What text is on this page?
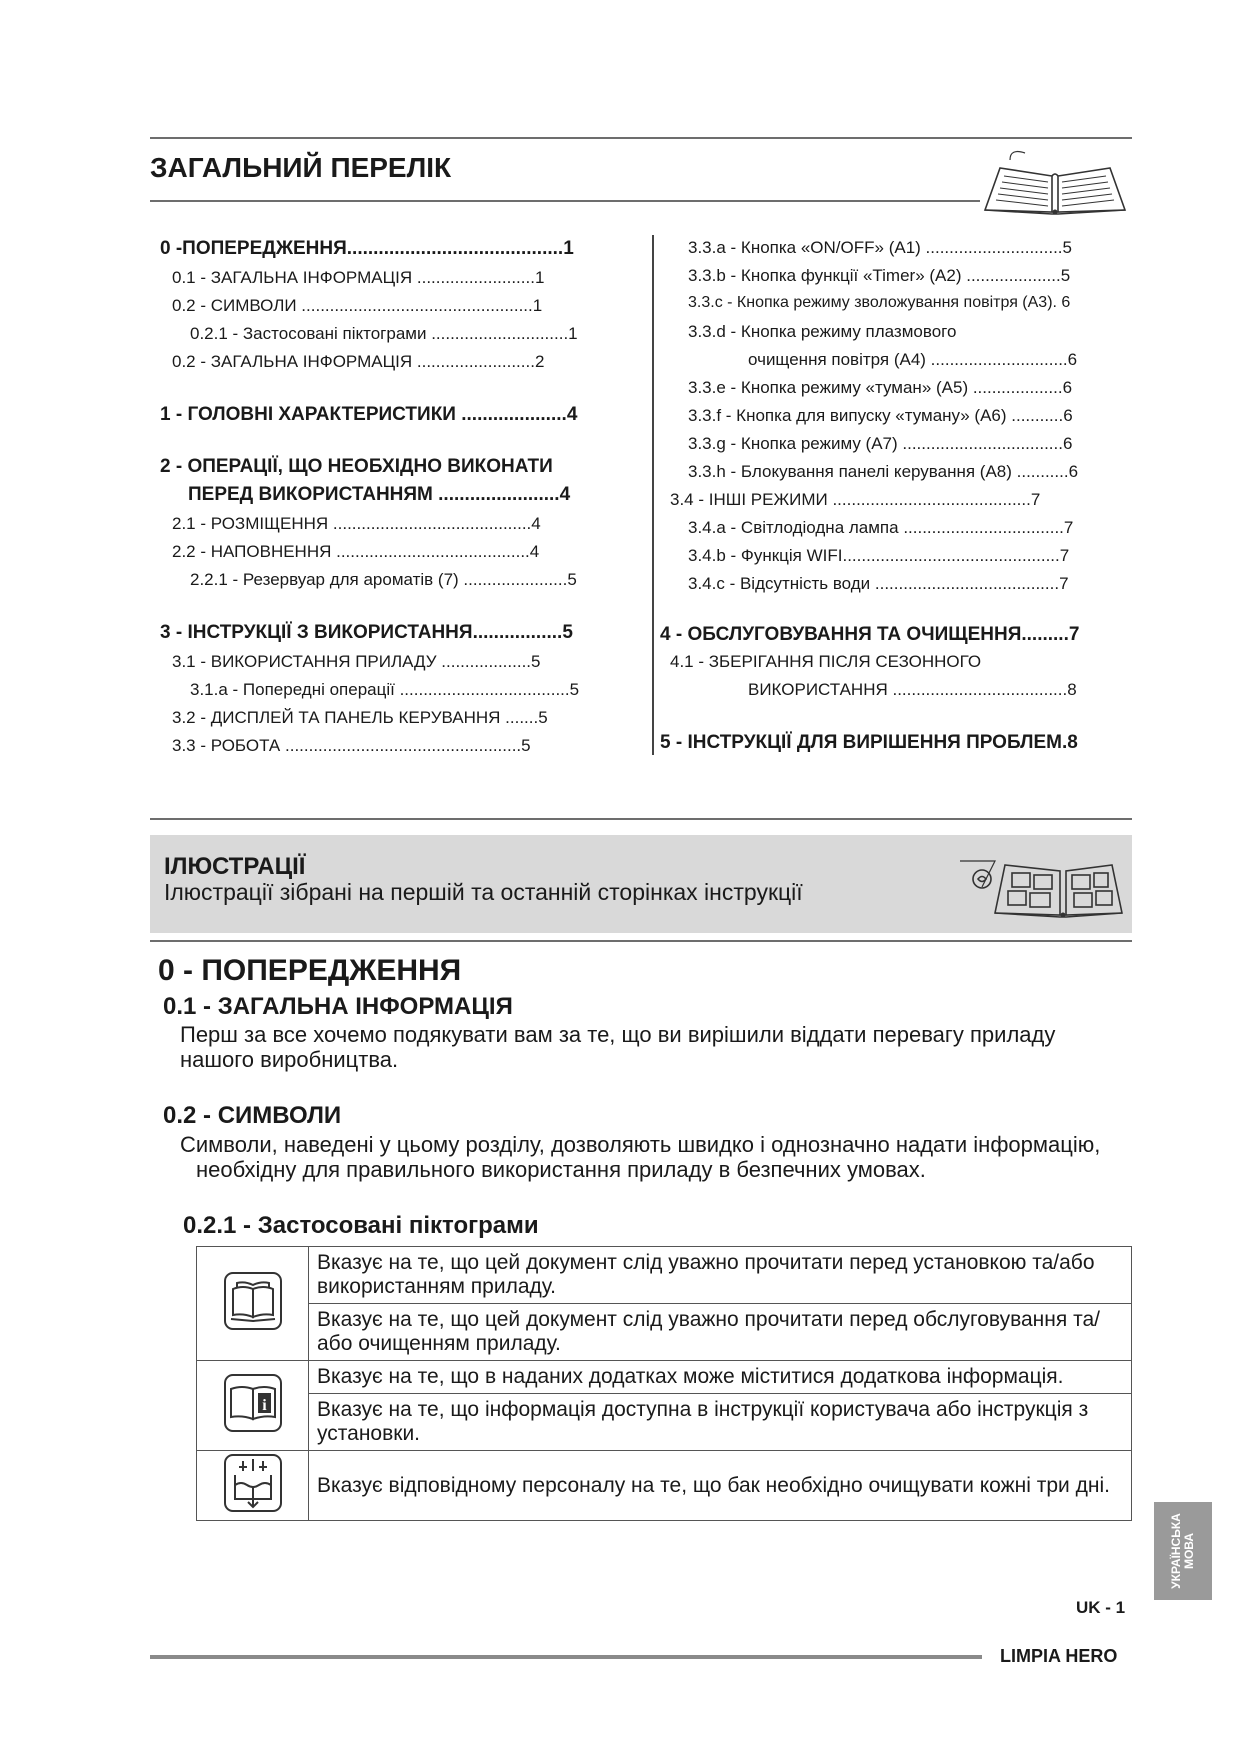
ЗАГАЛЬНИЙ ПЕРЕЛІК
0 -ПОПЕРЕДЖЕННЯ.........................................1
0.1 - ЗАГАЛЬНА ІНФОРМАЦІЯ .........................1
0.2 - СИМВОЛИ .................................................1
0.2.1 - Застосовані піктограми .............................1
0.2 - ЗАГАЛЬНА ІНФОРМАЦІЯ .........................2
1 - ГОЛОВНІ ХАРАКТЕРИСТИКИ ....................4
2 - ОПЕРАЦІЇ, ЩО НЕОБХІДНО ВИКОНАТИ
ПЕРЕД ВИКОРИСТАННЯМ .......................4
2.1 - РОЗМІЩЕННЯ ..........................................4
2.2 - НАПОВНЕННЯ .........................................4
2.2.1 - Резервуар для ароматів (7) ......................5
3 - ІНСТРУКЦІЇ З ВИКОРИСТАННЯ.................5
3.1 - ВИКОРИСТАННЯ ПРИЛАДУ ...................5
3.1.a - Попередні операції ....................................5
3.2 - ДИСПЛЕЙ ТА ПАНЕЛЬ КЕРУВАННЯ .......5
3.3 - РОБОТА ..................................................5
3.3.a - Кнопка «ON/OFF» (A1) .............................5
3.3.b - Кнопка функції «Timer» (A2) ....................5
3.3.c - Кнопка режиму зволожування повітря (A3). 6
3.3.d - Кнопка режиму плазмового
очищення повітря (A4) .............................6
3.3.e - Кнопка режиму «туман» (A5) ...................6
3.3.f - Кнопка для випуску «туману» (A6) ...........6
3.3.g - Кнопка режиму (A7) ..................................6
3.3.h - Блокування панелі керування (A8) ...........6
3.4 - ІНШІ РЕЖИМИ ..........................................7
3.4.a - Світлодіодна лампа ..................................7
3.4.b - Функція WIFI..............................................7
3.4.c - Відсутність води .......................................7
4 - ОБСЛУГОВУВАННЯ ТА ОЧИЩЕННЯ.........7
4.1 - ЗБЕРІГАННЯ ПІСЛЯ СЕЗОННОГО
ВИКОРИСТАННЯ .....................................8
5 - ІНСТРУКЦІЇ ДЛЯ ВИРІШЕННЯ ПРОБЛЕМ.8
ІЛЮСТРАЦІЇ
Ілюстрації зібрані на першій та останній сторінках інструкції
0 - ПОПЕРЕДЖЕННЯ
0.1 - ЗАГАЛЬНА ІНФОРМАЦІЯ
Перш за все хочемо подякувати вам за те, що ви вирішили віддати перевагу приладу
нашого виробництва.
0.2 - СИМВОЛИ
Символи, наведені у цьому розділу, дозволяють швидко і однозначно надати інформацію,
необхідну для правильного використання приладу в безпечних умовах.
0.2.1 - Застосовані піктограми
	Вказує на те, що цей документ слід уважно прочитати перед установкою та/або використанням приладу.
	Вказує на те, що цей документ слід уважно прочитати перед обслуговування та/або очищенням приладу.

i	Вказує на те, що в наданих додатках може міститися додаткова інформація.
	Вказує на те, що інформація доступна в інструкції користувача або інструкція з установки.
	Вказує відповідному персоналу на те, що бак необхідно очищувати кожні три дні.
УКРАЇНСЬКА МОВА
UK - 1
LIMPIA HERO
